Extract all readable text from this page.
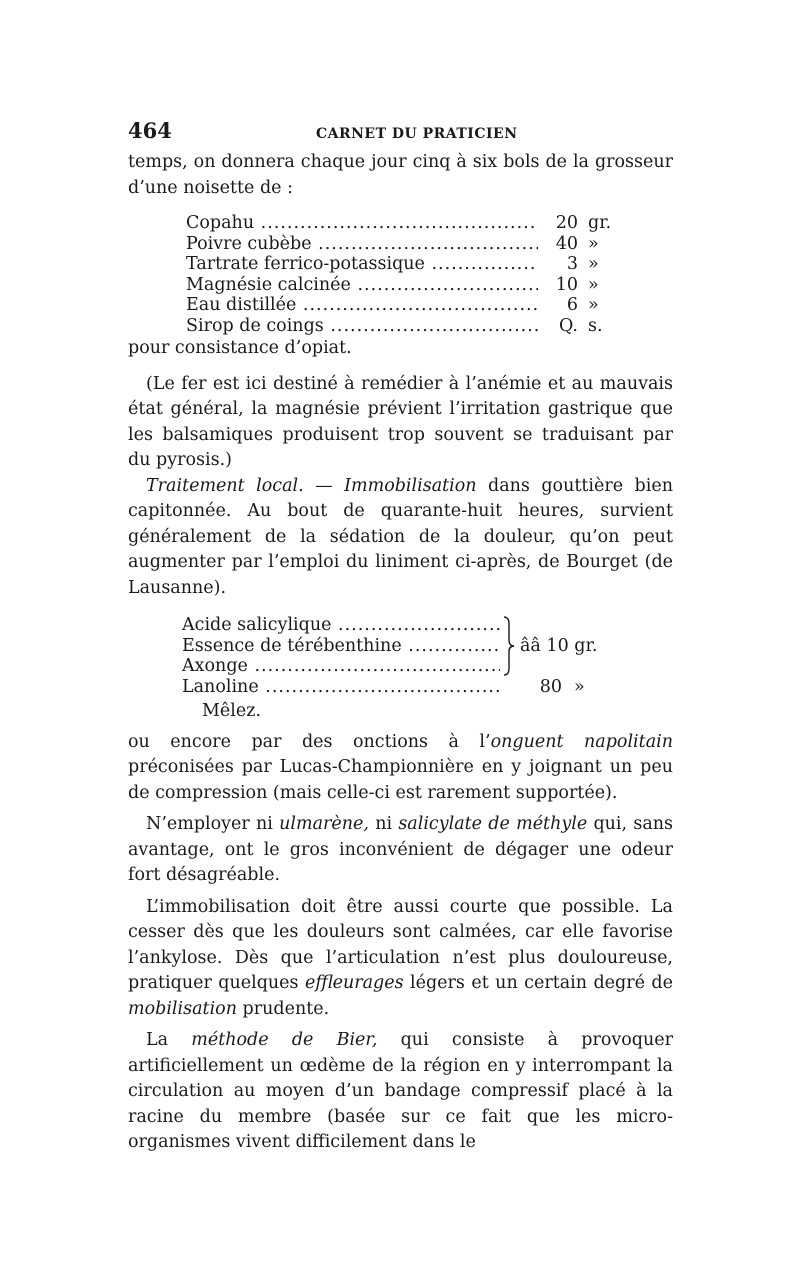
464	CARNET DU PRATICIEN

temps, on donnera chaque jour cinq à six bols de la grosseur d’une noisette de :

Copahu .....	20 gr.
Poivre cubèbe .....	40 »
Tartrate ferrico-potassique .....	3 »
Magnésie calcinée .....	10 »
Eau distillée .....	6 »
Sirop de coings .....	Q. s.

pour consistance d’opiat.

(Le fer est ici destiné à remédier à l’anémie et au mauvais état général, la magnésie prévient l’irritation gastrique que les balsamiques produisent trop souvent se traduisant par du pyrosis.)

Traitement local. — Immobilisation dans gouttière bien capitonnée. Au bout de quarante-huit heures, survient généralement de la sédation de la douleur, qu’on peut augmenter par l’emploi du liniment ci-après, de Bourget (de Lausanne).

Acide salicylique .....
Essence de térébenthine .....
Axonge .....
ââ 10 gr.
Lanoline .....	80 »
Mêlez.

ou encore par des onctions à l’onguent napolitain préconisées par Lucas-Championnière en y joignant un peu de compression (mais celle-ci est rarement supportée).

N’employer ni ulmarène, ni salicylate de méthyle qui, sans avantage, ont le gros inconvénient de dégager une odeur fort désagréable.

L’immobilisation doit être aussi courte que possible. La cesser dès que les douleurs sont calmées, car elle favorise l’ankylose. Dès que l’articulation n’est plus douloureuse, pratiquer quelques effleurages légers et un certain degré de mobilisation prudente.

La méthode de Bier, qui consiste à provoquer artificiellement un œdème de la région en y interrompant la circulation au moyen d’un bandage compressif placé à la racine du membre (basée sur ce fait que les micro-organismes vivent difficilement dans le
